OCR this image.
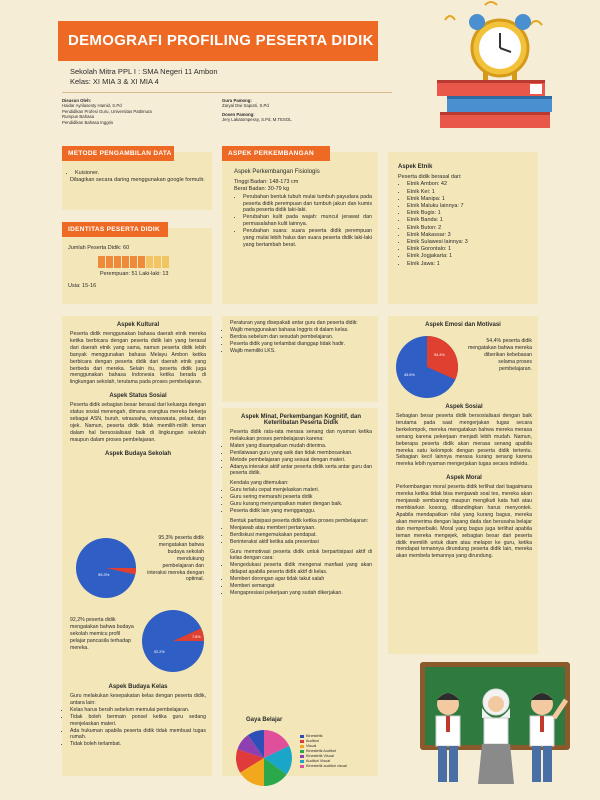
DEMOGRAFI PROFILING PESERTA DIDIK
Sekolah Mitra PPL I : SMA Negeri 11 Ambon
Kelas: XI MIA 3 & XI MIA 4
Disusun Oleh:
Haidar Ayrilasesty Hamid, S.Pd
Pendidikan Profesi Guru, Universitas Pattimura
Rumpun Bahasa
Pendidikan Bahasa Inggris
Guru Pamong:
Zaryal Dwi Saputri, S.Pd
Dosen Pamong:
Jery Lakatompessy, S.Pd, M.TESOL
METODE PENGAMBILAN DATA
• Kuisioner.
Dibagikan secara daring menggunakan google formulir.
IDENTITAS PESERTA DIDIK
Jumlah Peserta Didik: 60
Perempuan: 51 Laki-laki: 13
Usia: 15-16
ASPEK PERKEMBANGAN
Aspek Perkembangan Fisiologis
Tinggi Badan: 148-173 cm
Berat Badan: 30-79 kg
• Perubahan bentuk tubuh mulai tumbuh payudara pada peserta didik perempuan dan tumbuh jakun dan kumis pada peserta didik laki-laki.
• Perubahan kulit pada wajah: muncul jerawat dan permasalahan kulit lainnya.
• Perubahan suara: suara peserta didik perempuan yang mulai lebih halus dan suara peserta didik laki-laki yang bertambah berat.
Aspek Etnik
Peserta didik berasal dari:
• Etnik Ambon: 42
• Etnik Kei: 1
• Etnik Manipa: 1
• Etnik Maluku lainnya: 7
• Etnik Bugis: 1
• Etnik Banda: 1
• Etnik Buton: 2
• Etnik Makassar: 3
• Etnik Sulawesi lainnya: 3
• Etnik Gorontalo: 1
• Etnik Jogjakarta: 1
• Etnik Jawa: 1
Aspek Kultural
Peserta didik menggunakan bahasa daerah etnik mereka ketika berbicara dengan peserta didik lain yang berasal dari daerah etnik yang sama, namun peserta didik lebih banyak menggunakan bahasa Melayu Ambon ketika berbicara dengan peserta didik dari daerah etnik yang berbeda dari mereka. Selain itu, peserta didik juga menggunakan bahasa Indonesia ketika berada di lingkungan sekolah, terutama pada proses pembelajaran.
Aspek Status Sosial
Peserta didik sebagian besar berasal dari keluarga dengan status sosial menengah, dimana orangtua mereka bekerja sebagai ASN, buruh, wirausaha, wiraswasta, pelaut, dan ojek. Namun, peserta didik tidak memilih-milih teman dalam hal bersosialisasi baik di lingkungan sekolah maupun dalam proses pembelajaran.
Aspek Budaya Sekolah
95.3%
95,3% peserta didik mengatakan bahwa budaya sekolah mendukung pembelajaran dan interaksi mereka dengan optimal.
92,2% peserta didik mengatakan bahwa budaya sekolah memicu profil pelajar pancasila terhadap mereka.
7.8%
92.2%
Aspek Budaya Kelas
Guru melakukan kesepakatan kelas dengan peserta didik, antara lain:
• Kelas harus bersih sebelum memulai pembelajaran.
• Tidak boleh bermain ponsel ketika guru sedang menjelaskan materi.
• Ada hukuman apabila peserta didik tidak membuat tugas rumah.
• Tidak boleh terlambat.
Peraturan yang disepakati antar guru dan peserta didik:
• Wajib menggunakan bahasa Inggris di dalam kelas.
• Berdoa sebelum dan sesudah pembelajaran.
• Peserta didik yang terlambat dianggap tidak hadir.
• Wajib memiliki LKS.
Aspek Minat, Perkembangan Kognitif, dan Keterlibatan Peserta Didik
Peserta didik rata-rata merasa senang dan nyaman ketika melakukan proses pembelajaran karena:
• Materi yang disampaikan mudah diterima.
• Penilaiwaan guru yang asik dan tidak membosankan.
• Metode pembelajaran yang sesuai dengan materi.
• Adanya interaksi aktif antar peserta didik serta antar guru dan peserta didik.
Kendala yang ditemukan:
• Guru terlalu cepat menjelaskan materi.
• Guru sering memarahi peserta didik
• Guru kurang menyampaikan materi dengan baik.
• Peserta didik lain yang mengganggu.
Bentuk partisipasi peserta didik ketika proses pembelajaran:
• Menjawab atau memberi pertanyaan.
• Berdiskusi mengemukakan pendapat.
• Berinteraksi aktif ketika ada presentasi
Guru memotivasi peserta didik untuk berpartisipasi aktif di kelas dengan cara:
• Mengedukasi peserta didik mengenai manfaat yang akan didapat apabila peserta didik aktif di kelas.
• Memberi dorongan agar tidak takut salah
• Memberi semangat
• Mengapresiasi pekerjaan yang sudah dikerjakan.
Gaya Belajar
Kinestetik
Auditori
Visual
Kinestetik Auditori
Kinestetik Visual
Auditori Visual
Kinestetik auditori visual
Aspek Emosi dan Motivasi
54.4%
45.6%
54,4% peserta didik mengatakan bahwa mereka diberikan kebebasan selama proses pembelajaran.
Aspek Sosial
Sebagian besar peserta didik bersosialisasi dengan baik terutama pada saat mengerjakan tugas secara berkelompok, mereka mengatakan bahwa mereka merasa senang karena pekerjaan menjadi lebih mudah. Namun, beberapa peserta didik akan merasa senang apabila mereka satu kelompok dengan peserta didik tertentu. Sebagian kecil lainnya merasa kurang senang karena mereka lebih nyaman mengerjakan tugas secara individu.
Aspek Moral
Perkembangan moral peserta didik terlihat dari bagaimana mereka ketika tidak bisa menjawab soal tes, mereka akan menjawab sembarang maupun mengikuti kata hati atau membiarkan kosong, dibandingkan harus menyontek. Apabila mendapatkan nilai yang kurang bagus, mereka akan menerima dengan lapang dada dan berusaha belajar dan memperbaiki. Moral yang bagus juga terlihat apabila teman mereka mengejek, sebagian besar dari peserta didik memilih untuk diam atau melapor ke guru, ketika mendapat temannya dirundung peserta didik lain, mereka akan membela temannya yang dirundung.
